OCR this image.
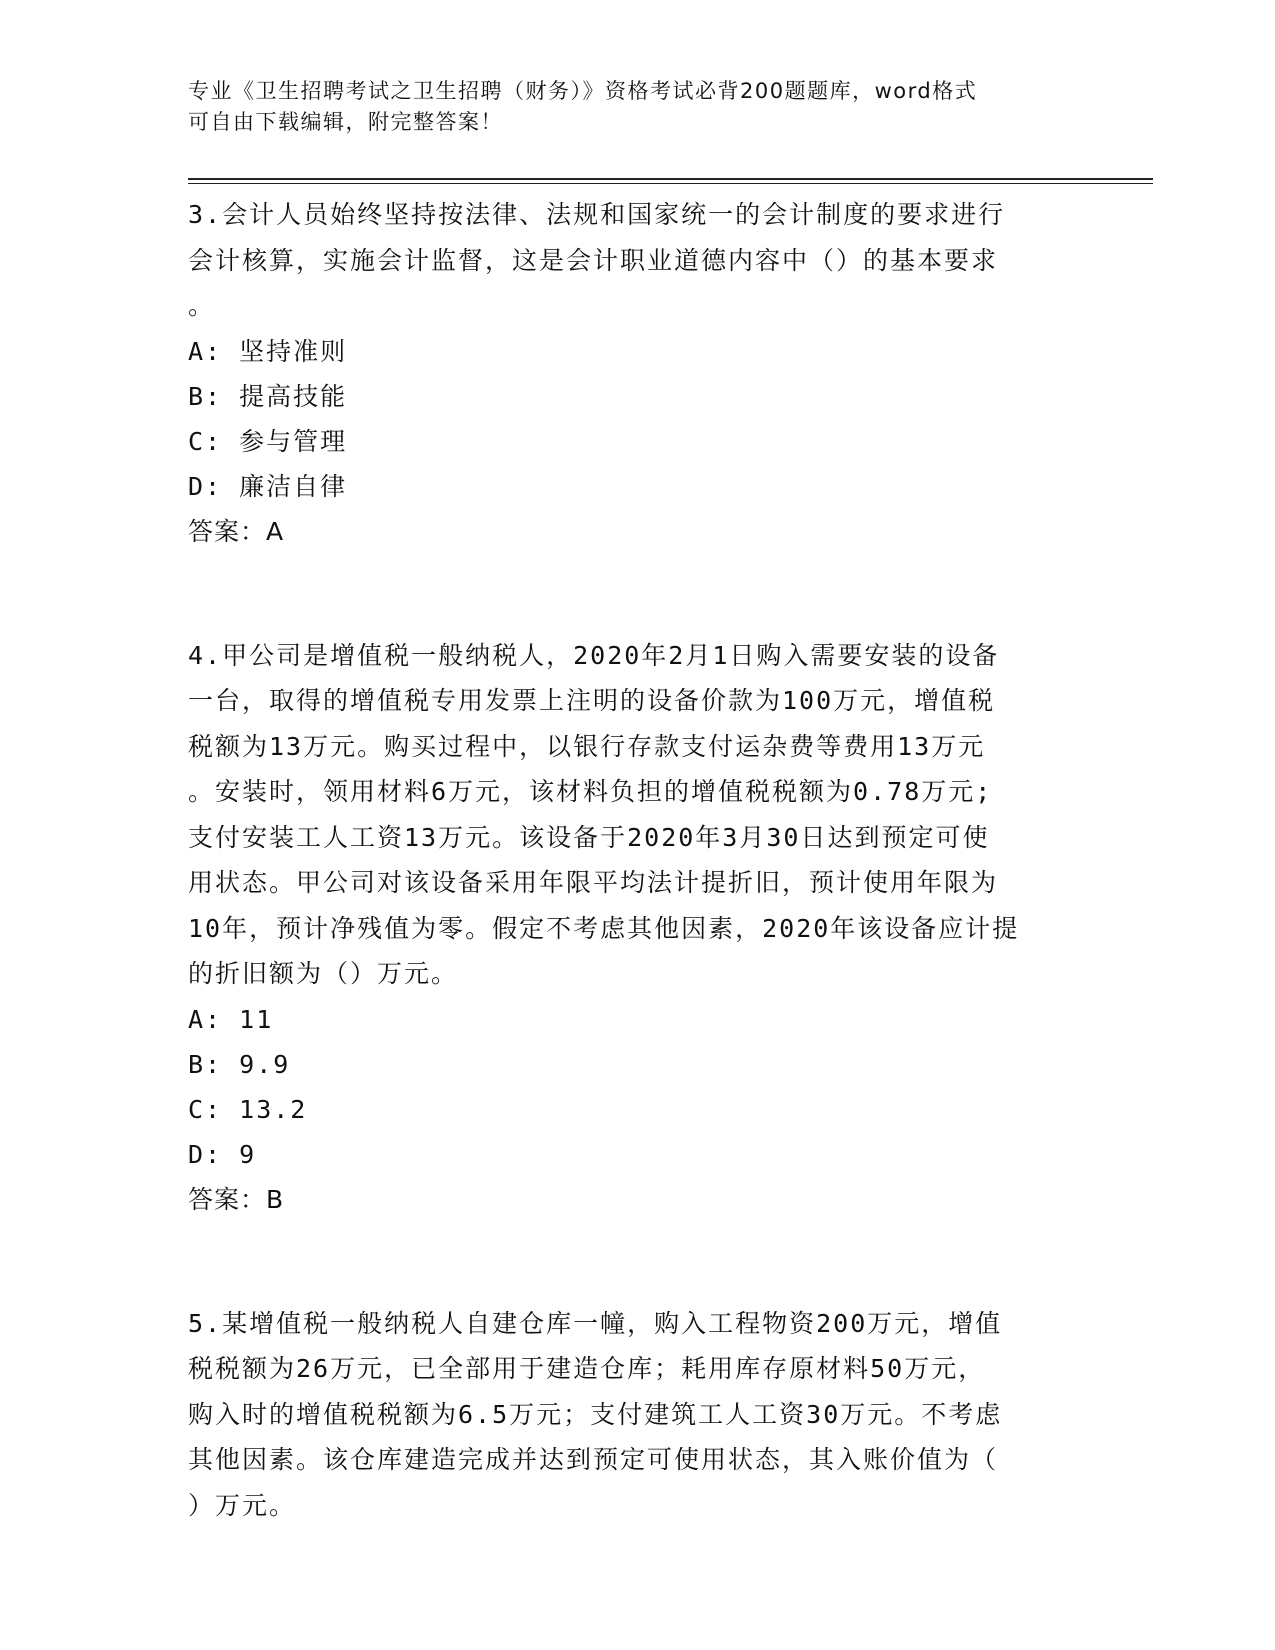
专业《卫生招聘考试之卫生招聘（财务）》资格考试必背200题题库，word格式
可自由下载编辑，附完整答案！

3.会计人员始终坚持按法律、法规和国家统一的会计制度的要求进行

会计核算，实施会计监督，这是会计职业道德内容中（）的基本要求

。

A: 坚持准则

B: 提高技能

C: 参与管理

D: 廉洁自律

答案：A

4.甲公司是增值税一般纳税人，2020年2月1日购入需要安装的设备

一台，取得的增值税专用发票上注明的设备价款为100万元，增值税

税额为13万元。购买过程中，以银行存款支付运杂费等费用13万元

。安装时，领用材料6万元，该材料负担的增值税税额为0.78万元;

支付安装工人工资13万元。该设备于2020年3月30日达到预定可使

用状态。甲公司对该设备采用年限平均法计提折旧，预计使用年限为

10年，预计净残值为零。假定不考虑其他因素，2020年该设备应计提

的折旧额为（）万元。

A: 11

B: 9.9

C: 13.2

D: 9

答案：B

5.某增值税一般纳税人自建仓库一幢，购入工程物资200万元，增值

税税额为26万元，已全部用于建造仓库；耗用库存原材料50万元，

购入时的增值税税额为6.5万元；支付建筑工人工资30万元。不考虑

其他因素。该仓库建造完成并达到预定可使用状态，其入账价值为（

）万元。
